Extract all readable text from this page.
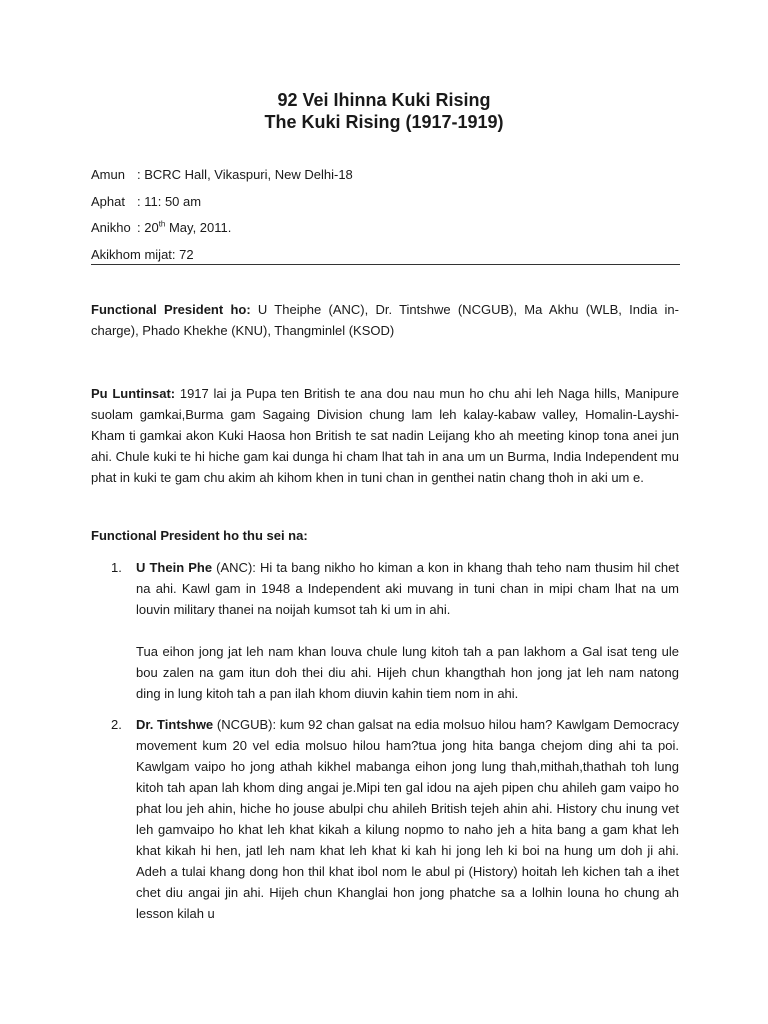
92 Vei Ihinna Kuki Rising
The Kuki Rising (1917-1919)
Amun : BCRC Hall, Vikaspuri, New Delhi-18
Aphat : 11: 50 am
Anikho : 20th May, 2011.
Akikhom mijat: 72
Functional President ho: U Theiphe (ANC), Dr. Tintshwe (NCGUB), Ma Akhu (WLB, India in-charge), Phado Khekhe (KNU), Thangminlel (KSOD)
Pu Luntinsat: 1917 lai ja Pupa ten British te ana dou nau mun ho chu ahi leh Naga hills, Manipure suolam gamkai,Burma gam Sagaing Division chung lam leh kalay-kabaw valley, Homalin-Layshi- Kham ti gamkai akon Kuki Haosa hon British te sat nadin Leijang kho ah meeting kinop tona anei jun ahi. Chule kuki te hi hiche gam kai dunga hi cham lhat tah in ana um un Burma, India Independent mu phat in kuki te gam chu akim ah kihom khen in tuni chan in genthei natin chang thoh in aki um e.
Functional President ho thu sei na:
1.	U Thein Phe (ANC): Hi ta bang nikho ho kiman a kon in khang thah teho nam thusim hil chet na ahi. Kawl gam in 1948 a Independent aki muvang in tuni chan in mipi cham lhat na um louvin military thanei na noijah kumsot tah ki um in ahi.
Tua eihon jong jat leh nam khan louva chule lung kitoh tah a pan lakhom a Gal isat teng ule bou zalen na gam itun doh thei diu ahi. Hijeh chun khangthah hon jong jat leh nam natong ding in lung kitoh tah a pan ilah khom diuvin kahin tiem nom in ahi.
2.	Dr. Tintshwe (NCGUB): kum 92 chan galsat na edia molsuo hilou ham? Kawlgam Democracy movement kum 20 vel edia molsuo hilou ham?tua jong hita banga chejom ding ahi ta poi. Kawlgam vaipo ho jong athah kikhel mabanga eihon jong lung thah,mithah,thathah toh lung kitoh tah apan lah khom ding angai je.Mipi ten gal idou na ajeh pipen chu ahileh gam vaipo ho phat lou jeh ahin, hiche ho jouse abulpi chu ahileh British tejeh ahin ahi. History chu inung vet leh gamvaipo ho khat leh khat kikah a kilung nopmo to naho jeh a hita bang a gam khat leh khat kikah hi hen, jatl leh nam khat leh khat ki kah hi jong leh ki boi na hung um doh ji ahi. Adeh a tulai khang dong hon thil khat ibol nom le abul pi (History) hoitah leh kichen tah a ihet chet diu angai jin ahi. Hijeh chun Khanglai hon jong phatche sa a lolhin louna ho chung ah lesson kilah u
